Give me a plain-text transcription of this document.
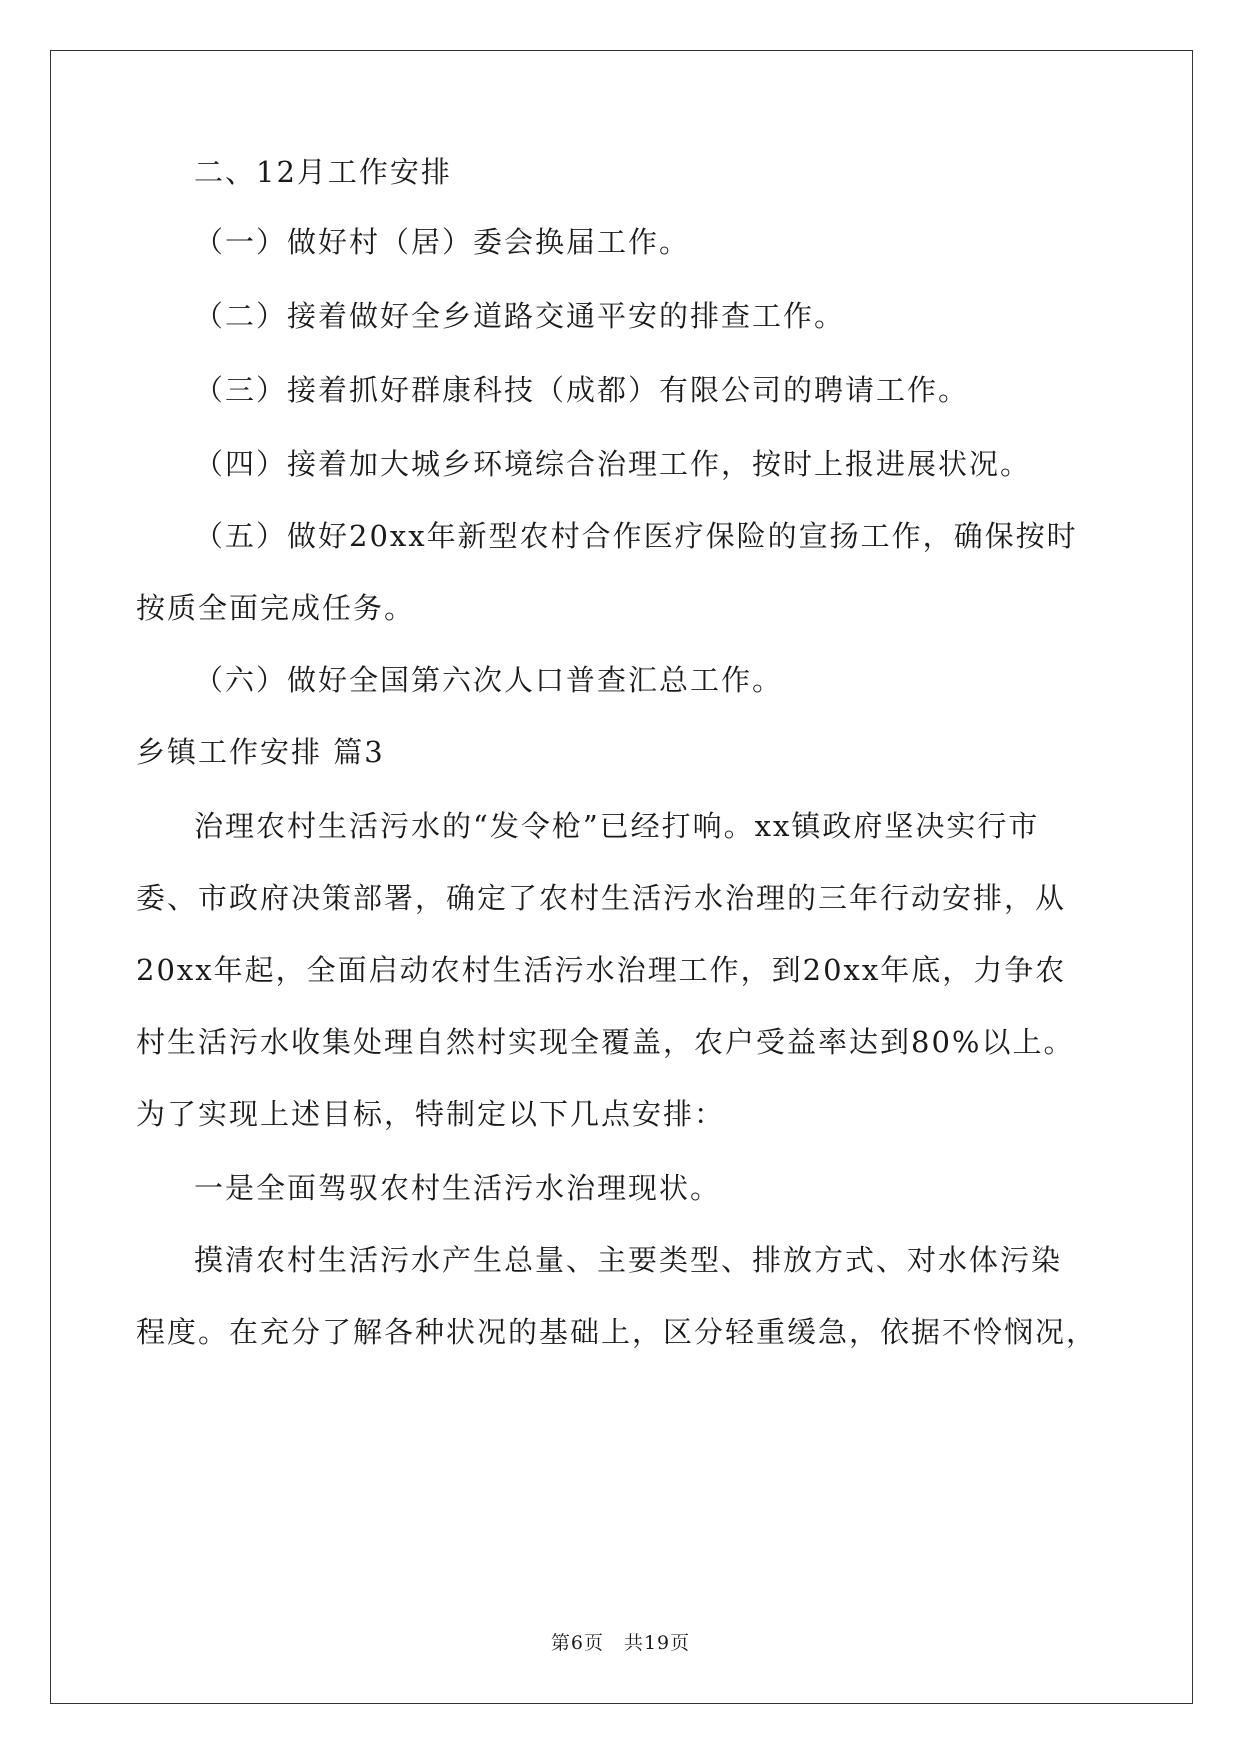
二、12月工作安排
（一）做好村（居）委会换届工作。
（二）接着做好全乡道路交通平安的排查工作。
（三）接着抓好群康科技（成都）有限公司的聘请工作。
（四）接着加大城乡环境综合治理工作，按时上报进展状况。
（五）做好20xx年新型农村合作医疗保险的宣扬工作，确保按时
按质全面完成任务。
（六）做好全国第六次人口普查汇总工作。
乡镇工作安排 篇3
治理农村生活污水的“发令枪”已经打响。xx镇政府坚决实行市
委、市政府决策部署，确定了农村生活污水治理的三年行动安排，从
20xx年起，全面启动农村生活污水治理工作，到20xx年底，力争农
村生活污水收集处理自然村实现全覆盖，农户受益率达到80%以上。
为了实现上述目标，特制定以下几点安排：
一是全面驾驭农村生活污水治理现状。
摸清农村生活污水产生总量、主要类型、排放方式、对水体污染
程度。在充分了解各种状况的基础上，区分轻重缓急，依据不怜悯况，
第6页 共19页
